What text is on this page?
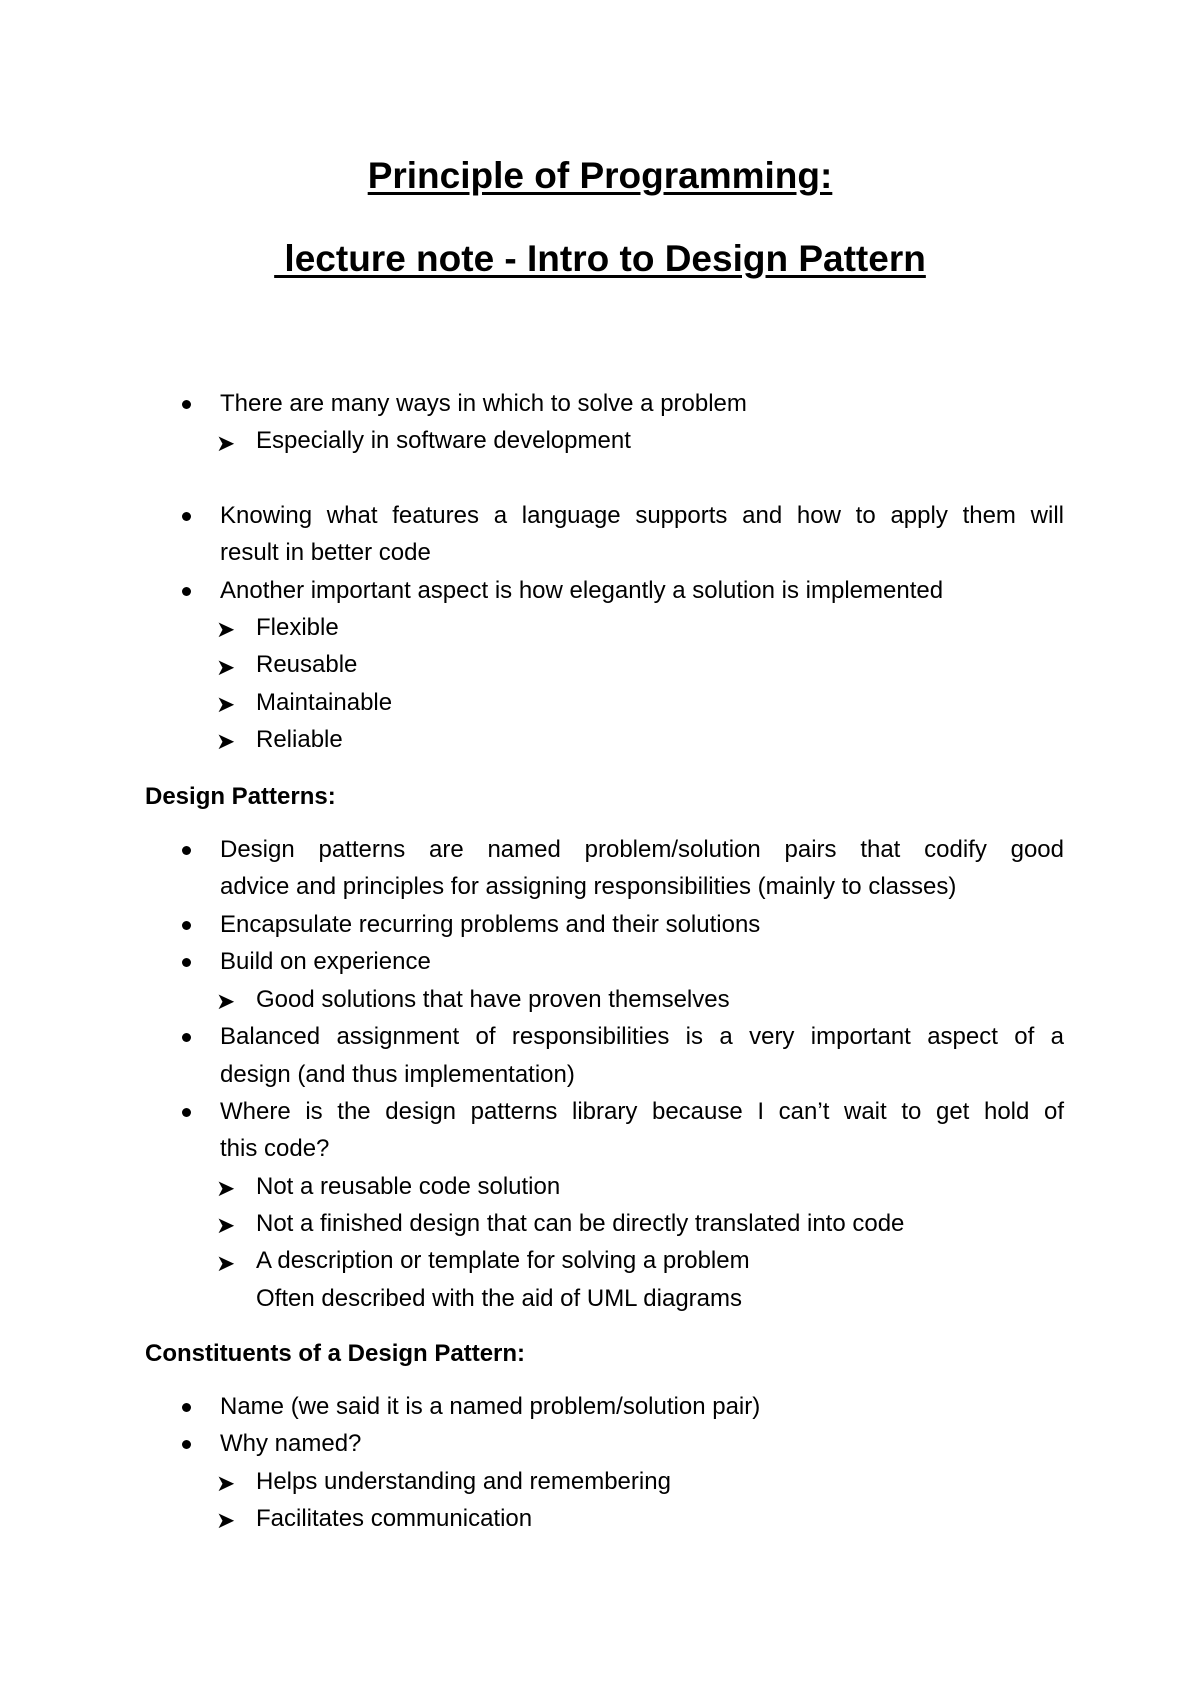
Principle of Programming:
lecture note - Intro to Design Pattern

There are many ways in which to solve a problem

➤ Especially in software development

Knowing what features a language supports and how to apply them will

result in better code

Another important aspect is how elegantly a solution is implemented

➤ Flexible

➤ Reusable

➤ Maintainable

➤ Reliable

Design Patterns:

Design patterns are named problem/solution pairs that codify good

advice and principles for assigning responsibilities (mainly to classes)

Encapsulate recurring problems and their solutions

Build on experience

➤ Good solutions that have proven themselves

Balanced assignment of responsibilities is a very important aspect of a

design (and thus implementation)

Where is the design patterns library because I can’t wait to get hold of

this code?

➤ Not a reusable code solution

➤ Not a finished design that can be directly translated into code

➤ A description or template for solving a problem

Often described with the aid of UML diagrams

Constituents of a Design Pattern:

Name (we said it is a named problem/solution pair)

Why named?

➤ Helps understanding and remembering

➤ Facilitates communication
